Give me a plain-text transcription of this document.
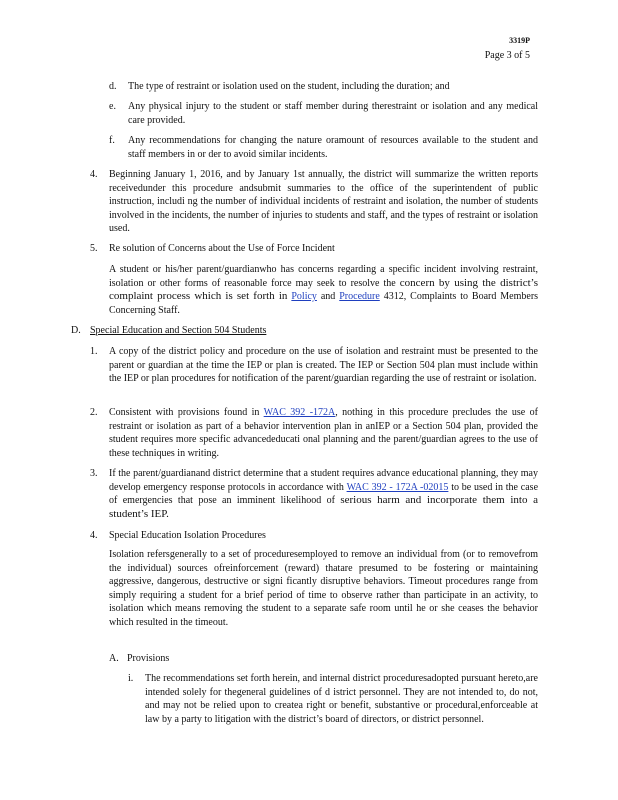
3319P
Page 3 of 5
d. The type of restraint or isolation used on the student, including the duration; and
e. Any physical injury to the student or staff member during therestraint or isolation and any medical care provided.
f. Any recommendations for changing the nature oramount of resources available to the student and staff members in or der to avoid similar incidents.
4. Beginning January 1, 2016, and by January 1st annually, the district will summarize the written reports receivedunder this procedure andsubmit summaries to the office of the superintendent of public instruction, includi ng the number of individual incidents of restraint and isolation, the number of students involved in the incidents, the number of injuries to students and staff, and the types of restraint or isolation used.
5. Re solution of Concerns about the Use of Force Incident
A student or his/her parent/guardianwho has concerns regarding a specific incident involving restraint, isolation or other forms of reasonable force may seek to resolve the concern by using the district’s complaint process which is set forth in Policy and Procedure 4312, Complaints to Board Members Concerning Staff.
D. Special Education and Section 504 Students
1. A copy of the district policy and procedure on the use of isolation and restraint must be presented to the parent or guardian at the time the IEP or plan is created. The IEP or Section 504 plan must include within the IEP or plan procedures for notification of the parent/guardian regarding the use of restraint or isolation.
2. Consistent with provisions found in WAC 392 -172A, nothing in this procedure precludes the use of restraint or isolation as part of a behavior intervention plan in anIEP or a Section 504 plan, provided the student requires more specific advancededucati onal planning and the parent/guardian agrees to the use of these techniques in writing.
3. If the parent/guardianand district determine that a student requires advance educational planning, they may develop emergency response protocols in accordance with WAC 392 - 172A -02015 to be used in the case of emergencies that pose an imminent likelihood of serious harm and incorporate them into a student’s IEP.
4. Special Education Isolation Procedures
Isolation refersgenerally to a set of proceduresemployed to remove an individual from (or to removefrom the individual) sources ofreinforcement (reward) thatare presumed to be fostering or maintaining aggressive, dangerous, destructive or signi ficantly disruptive behaviors. Timeout procedures range from simply requiring a student for a brief period of time to observe rather than participate in an activity, to isolation which means removing the student to a separate safe room until he or she ceases the behavior which resulted in the timeout.
A. Provisions
i. The recommendations set forth herein, and internal district proceduresadopted pursuant hereto,are intended solely for thegeneral guidelines of d istrict personnel. They are not intended to, do not, and may not be relied upon to createa right or benefit, substantive or procedural,enforceable at law by a party to litigation with the district’s board of directors, or district personnel.
